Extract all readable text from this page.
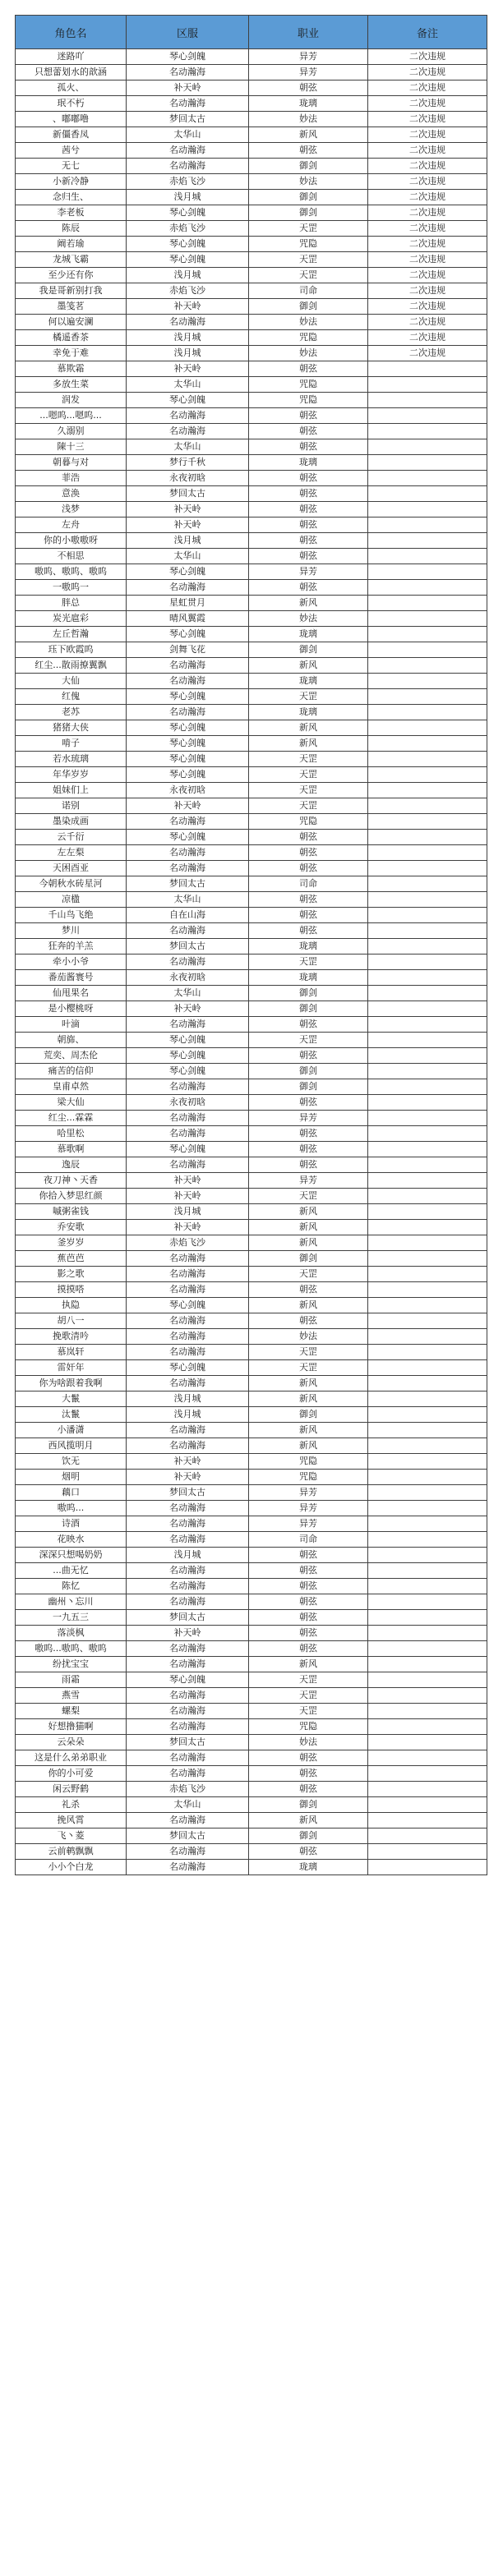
角色名	区服	职业	备注
迷路吖	琴心剑魄	异芳	二次违规
只想蕾划水的歆涵	名动瀚海	异芳	二次违规
孤火、	补天岭	朝弦	二次违规
珉不朽	名动瀚海	珑璃	二次违规
、嘟嘟噜	梦回太古	妙法	二次违规
新僵香凤	太华山	新风	二次违规
茜兮	名动瀚海	朝弦	二次违规
无七	名动瀚海	御剑	二次违规
小新冷静	赤焰飞沙	妙法	二次违规
念归生、	浅月城	御剑	二次违规
李老板	琴心剑魄	御剑	二次违规
陈辰	赤焰飞沙	天罡	二次违规
阚若瑜	琴心剑魄	咒隐	二次违规
龙城飞霸	琴心剑魄	天罡	二次违规
至少还有你	浅月城	天罡	二次违规
我是哥新别打我	赤焰飞沙	司命	二次违规
墨笺茗	补天岭	御剑	二次违规
何以遍安澜	名动瀚海	妙法	二次违规
橘遥香茶	浅月城	咒隐	二次违规
幸免于难	浅月城	妙法	二次违规
慕欺霜	补天岭	朝弦	
多放生菜	太华山	咒隐	
润发	琴心剑魄	咒隐	
...嗯呜...嗯呜...	名动瀚海	朝弦	
久溺别	名动瀚海	朝弦	
陳十三	太华山	朝弦	
朝暮与对	梦行千秋	珑璃	
菲浩	永夜初晗	朝弦	
意涣	梦回太古	朝弦	
浅梦	补天岭	朝弦	
左舟	补天岭	朝弦	
你的小嗷嗷呀	浅月城	朝弦	
不相思	太华山	朝弦	
嗷呜、嗷呜、嗷呜	琴心剑魄	异芳	
一嗷呜一	名动瀚海	朝弦	
胖总	星虹贯月	新风	
炭光扈彩	晴风翼霞	妙法	
左丘哲瀚	琴心剑魄	珑璃	
珏下欧霞呜	剑舞飞花	御剑	
红尘...散雨撩翼飘	名动瀚海	新风	
大仙	名动瀚海	珑璃	
红傀	琴心剑魄	天罡	
老苏	名动瀚海	珑璃	
猪猪大侠	琴心剑魄	新风	
啃子	琴心剑魄	新风	
若水琉璃	琴心剑魄	天罡	
年华岁岁	琴心剑魄	天罡	
姐妹们上	永夜初晗	天罡	
诺别	补天岭	天罡	
墨染成画	名动瀚海	咒隐	
云千衍	琴心剑魄	朝弦	
左左梨	名动瀚海	朝弦	
天困酉亚	名动瀚海	朝弦	
今朝秋水砖星河	梦回太古	司命	
凉楹	太华山	朝弦	
千山鸟飞绝	自在山海	朝弦	
梦川	名动瀚海	朝弦	
狂奔的羊羔	梦回太古	珑璃	
牵小小爷	名动瀚海	天罡	
番茄酱寰号	永夜初晗	珑璃	
仙甩果名	太华山	御剑	
是小樱桃呀	补天岭	御剑	
叶滴	名动瀚海	朝弦	
朝旆、	琴心剑魄	天罡	
荒奕、周杰伦	琴心剑魄	朝弦	
痛苦的信仰	琴心剑魄	御剑	
皇甫卓然	名动瀚海	御剑	
梁大仙	永夜初晗	朝弦	
红尘...霖霖	名动瀚海	异芳	
哈里松	名动瀚海	朝弦	
慕歌啊	琴心剑魄	朝弦	
逸辰	名动瀚海	朝弦	
夜刀神丶天香	补天岭	异芳	
你拾入梦思红颜	补天岭	天罡	
嘁粥雀钱	浅月城	新风	
乔安歌	补天岭	新风	
釜岁岁	赤焰飞沙	新风	
蕉芭芭	名动瀚海	御剑	
影之歌	名动瀚海	天罡	
摸摸嗒	名动瀚海	朝弦	
执隐	琴心剑魄	新风	
胡八一	名动瀚海	朝弦	
挽歌清吟	名动瀚海	妙法	
慕岚轩	名动瀚海	天罡	
雷奸年	琴心剑魄	天罡	
你为啥跟着我啊	名动瀚海	新风	
大鬣	浅月城	新风	
汰鬣	浅月城	御剑	
小潘潇	名动瀚海	新风	
西风揽明月	名动瀚海	新风	
饮无	补天岭	咒隐	
烟明	补天岭	咒隐	
藕口	梦回太古	异芳	
嗷呜...	名动瀚海	异芳	
诗酒	名动瀚海	异芳	
花映水	名动瀚海	司命	
深深只想喝奶奶	浅月城	朝弦	
...曲无忆	名动瀚海	朝弦	
陈忆	名动瀚海	朝弦	
幽州丶忘川	名动瀚海	朝弦	
一九五三	梦回太古	朝弦	
落淡枫	补天岭	朝弦	
嗷呜...嗷呜、嗷呜	名动瀚海	朝弦	
纷扰宝宝	名动瀚海	新风	
雨霜	琴心剑魄	天罡	
燕雪	名动瀚海	天罡	
螺梨	名动瀚海	天罡	
好想撸猫啊	名动瀚海	咒隐	
云朵朵	梦回太古	妙法	
这是什么弟弟职业	名动瀚海	朝弦	
你的小可爱	名动瀚海	朝弦	
闲云野鹤	赤焰飞沙	朝弦	
礼杀	太华山	御剑	
挽风霄	名动瀚海	新风	
飞丶菱	梦回太古	御剑	
云前鹌飘飘	名动瀚海	朝弦	
小小个白龙	名动瀚海	珑璃	
